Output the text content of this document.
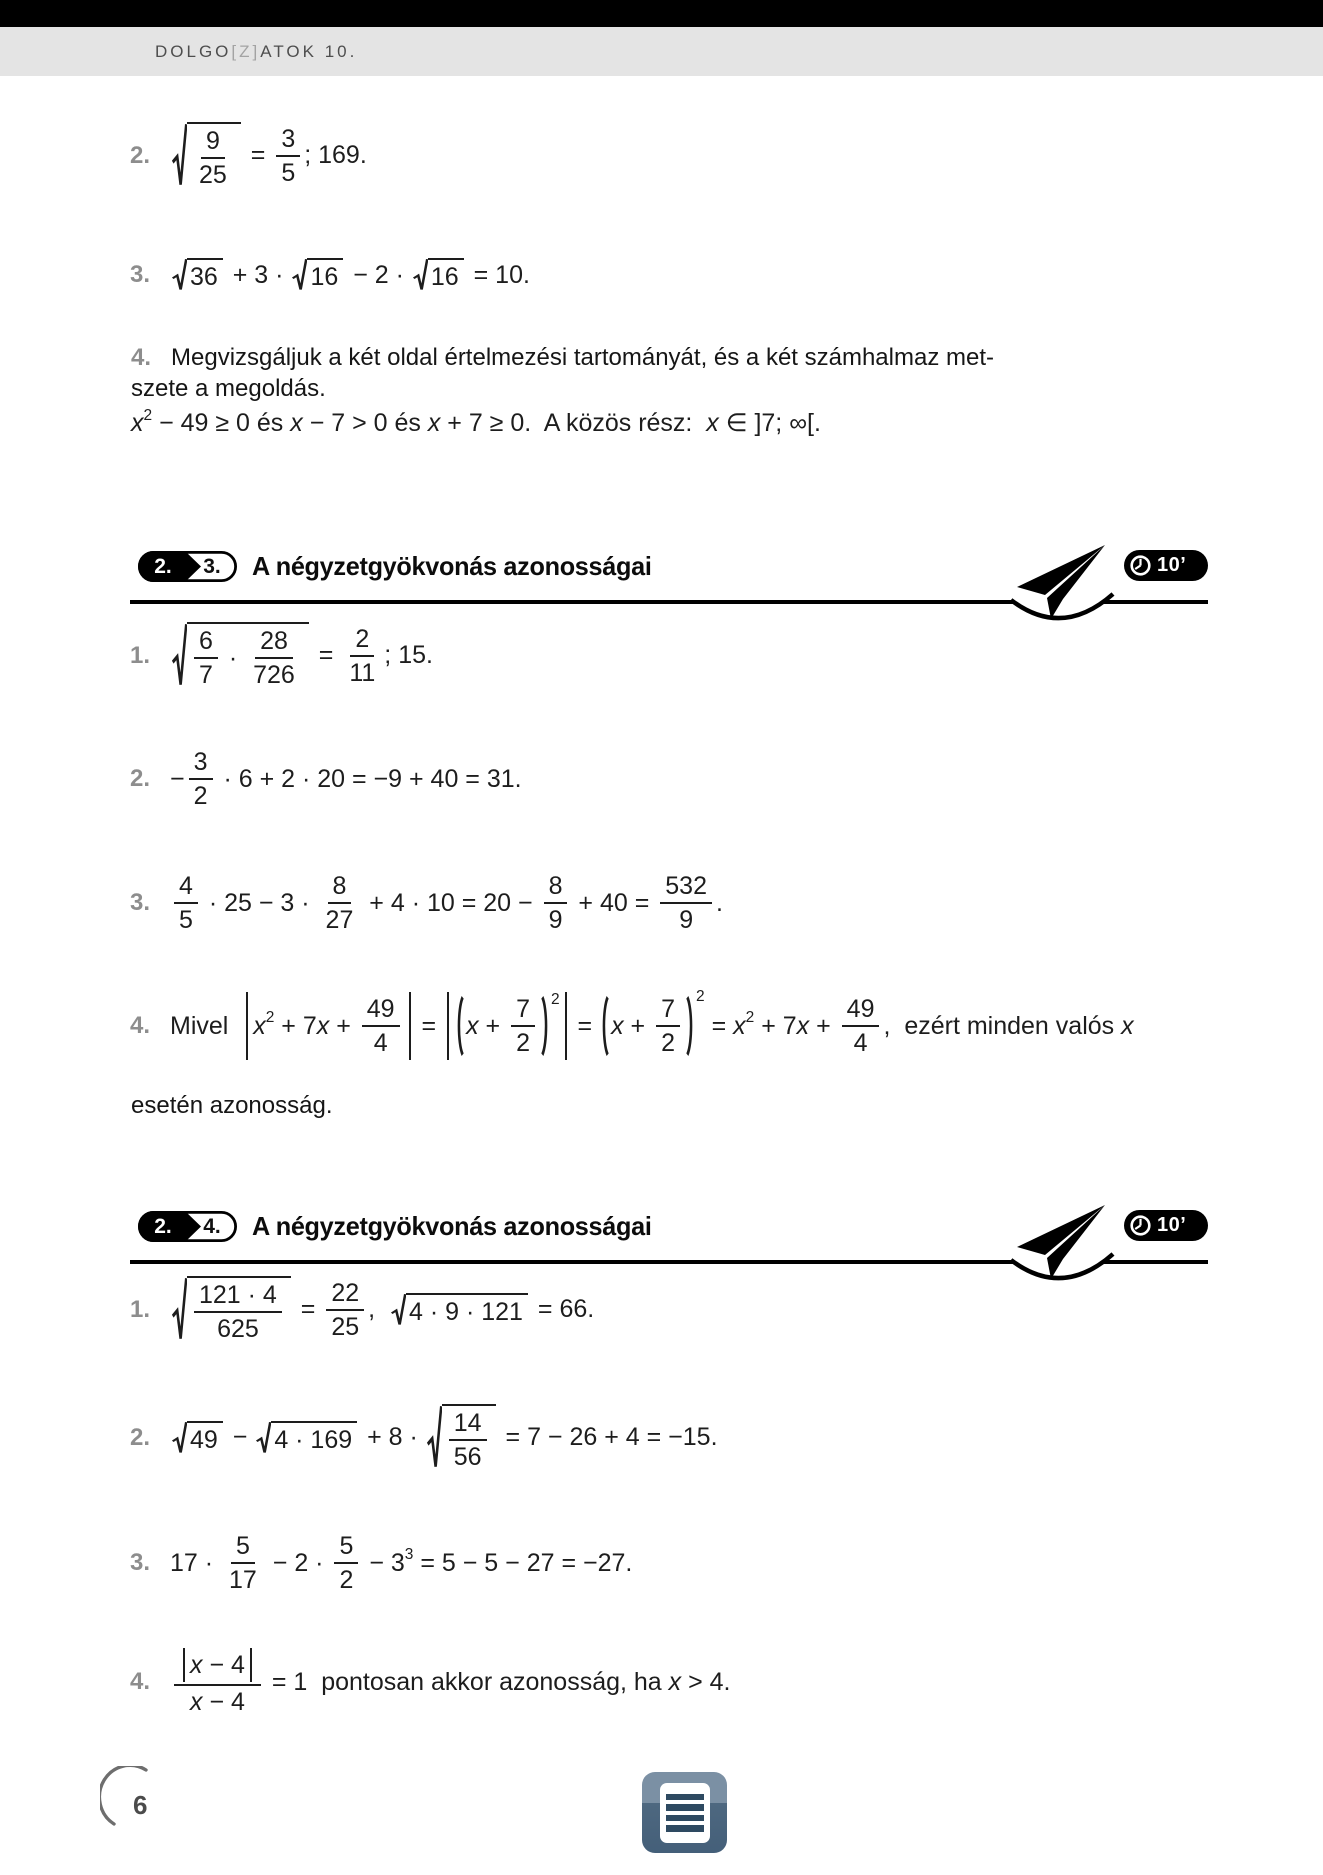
DOLGO[Z]ATOK 10.
2.	9
25
= $\frac{3}{5}$ ; 169.
3.	36 + 3 · 16 − 2 · 16 = 10.
4. Megvizsgáljuk a két oldal értelmezési tartományát, és a két számhalmaz met-
szete a megoldás.
x 2 − 49 ≥ 0 és x − 7 > 0 és x + 7 ≥ 0.  A közös rész: x ∈ ]7; ∞[.
2.	3.	A négyzetgyökvonás azonosságai	10’
1.	6
7
·
28
726
= $\frac{2}{11}$ ; 15.
2. − $\frac{3}{2} \cdot 6 + 2 \cdot 20 = -9 + 40 = 31$.
3.
4
5
· 25 − 3 ·
8
27
+ $4 \cdot 10 = 20 - \frac{8}{9} + 40 = \frac{532}{9}$ .
4. Mivel x 2 + 7 $x + \frac{49}{4} = x + \frac{7}{2} 2$
= $x + \frac{7}{2} 2$
= x 2 + 7 $x + \frac{49}{4}$ ,  ezért minden valós x
esetén azonosság.
2.	4.	A négyzetgyökvonás azonosságai	10’
1.	121 · 4
625
= $\frac{22}{25}$ , 4 · 9 · 121 = 66.
2.	49 − 4 · 169 + 8 ·
14
56
= 7 − 26 + 4 = −15.
3. 17 ·
5
17
− 2 ·
5
2
− 3 3 = 5 − 5 − 27 = −27.
4. $\frac{x - 4}{x - 4} = 1$  pontosan akkor azonosság, ha x > 4.
6
